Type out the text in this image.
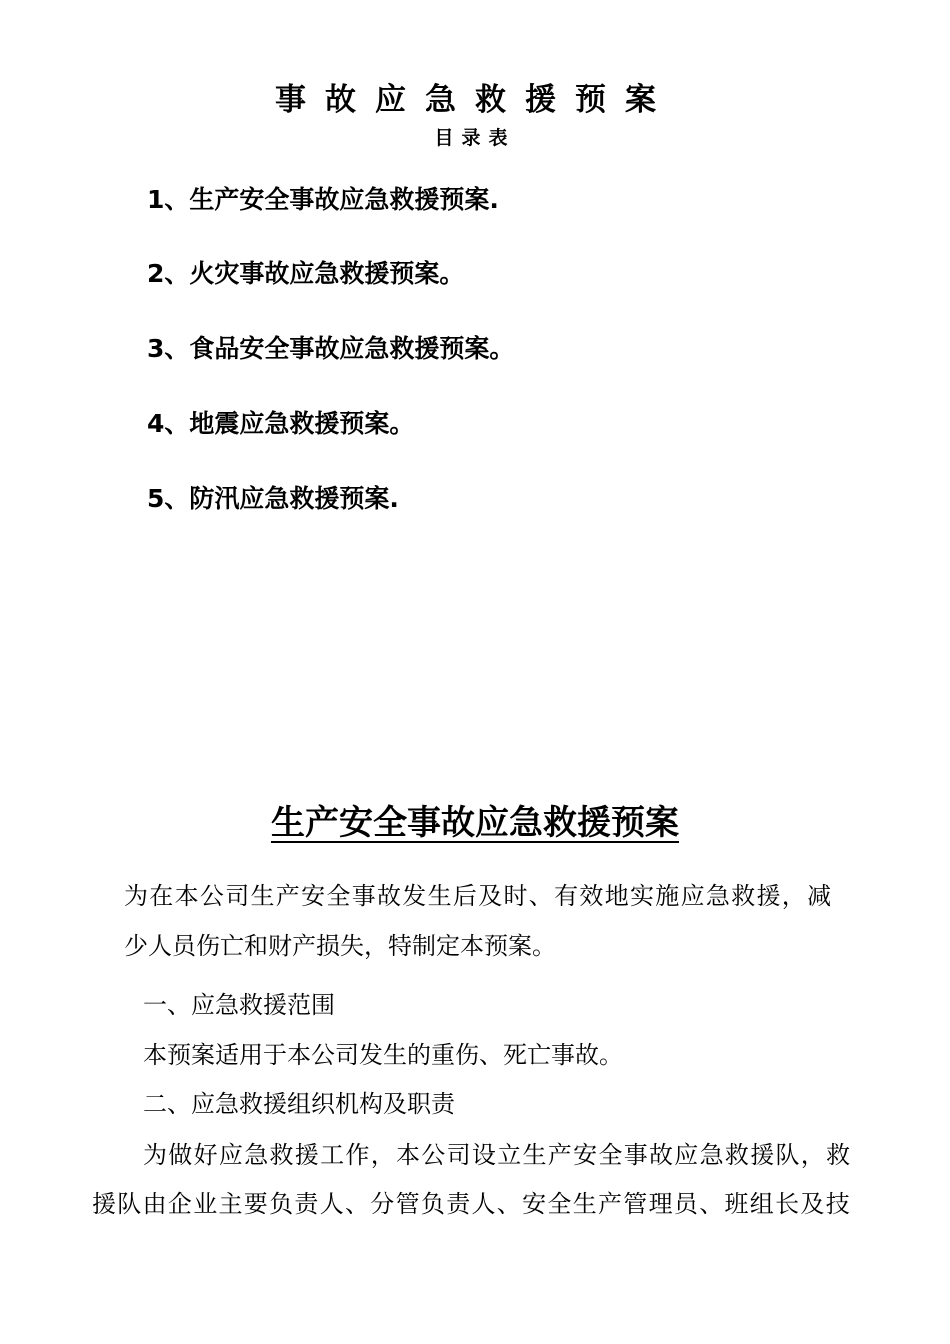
事故应急救援预案
目录表
1、生产安全事故应急救援预案.
2、火灾事故应急救援预案。
3、食品安全事故应急救援预案。
4、地震应急救援预案。
5、防汛应急救援预案.
生产安全事故应急救援预案
为在本公司生产安全事故发生后及时、有效地实施应急救援，减
少人员伤亡和财产损失，特制定本预案。
一、应急救援范围
本预案适用于本公司发生的重伤、死亡事故。
二、应急救援组织机构及职责
为做好应急救援工作，本公司设立生产安全事故应急救援队，救
援队由企业主要负责人、分管负责人、安全生产管理员、班组长及技
